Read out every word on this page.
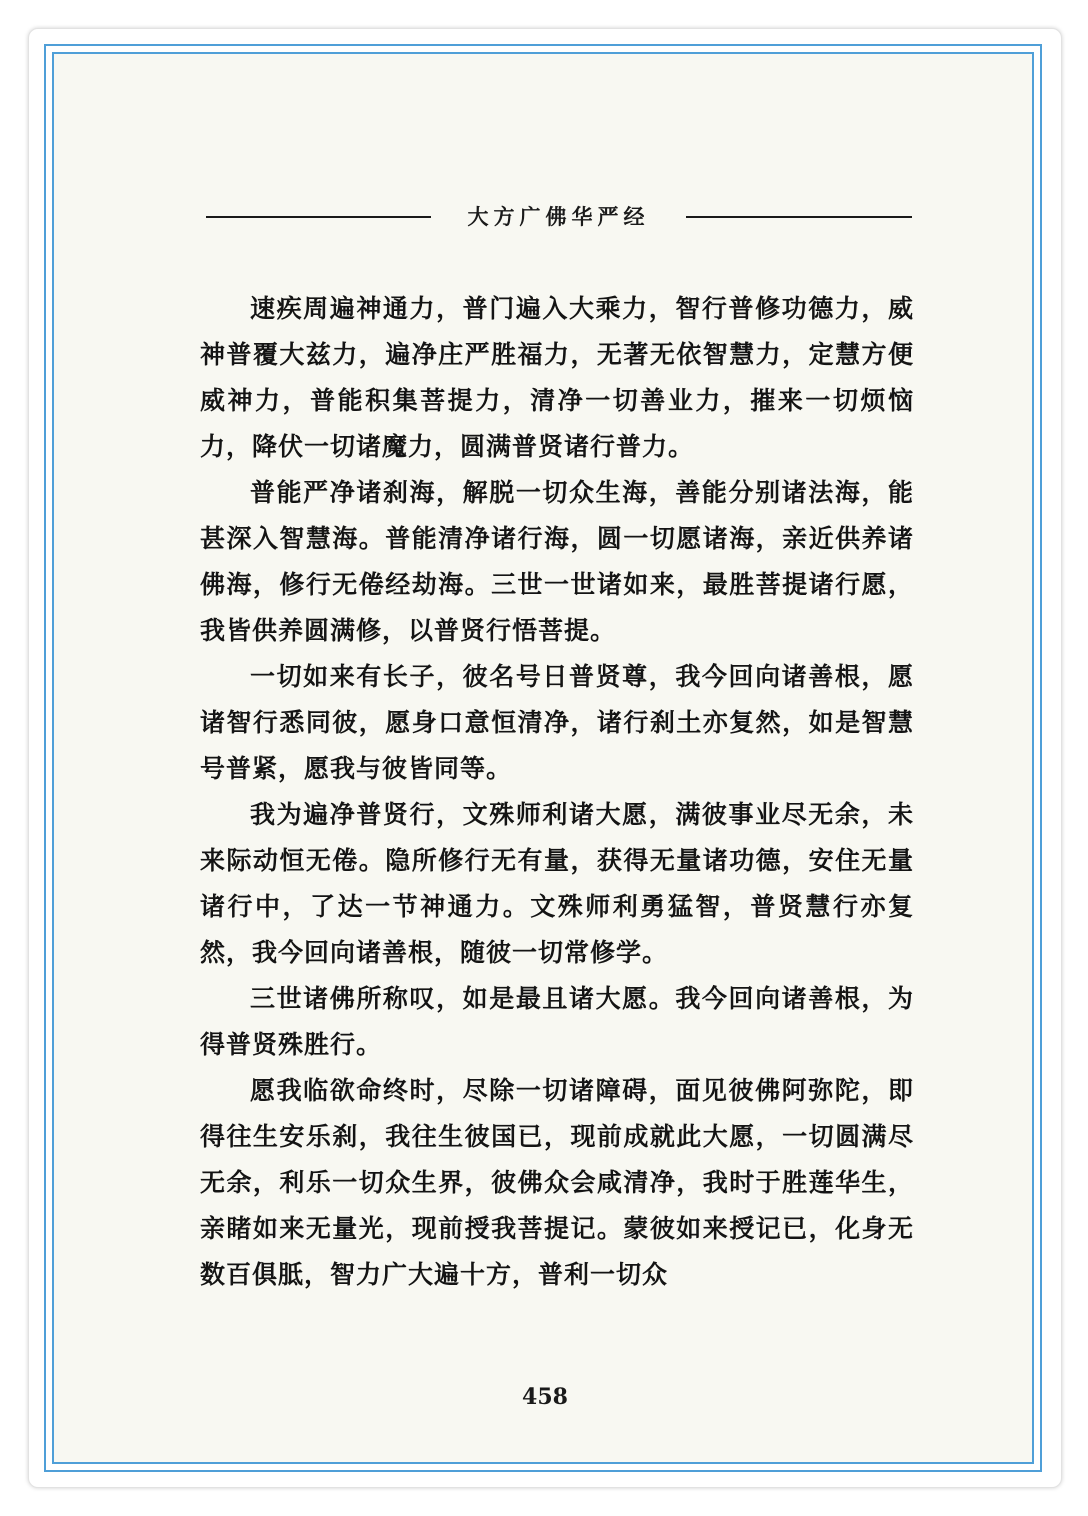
大方广佛华严经

速疾周遍神通力，普门遍入大乘力，智行普修功德力，威神普覆大兹力，遍净庄严胜福力，无著无依智慧力，定慧方便威神力，普能积集菩提力，清净一切善业力，摧来一切烦恼力，降伏一切诸魔力，圆满普贤诸行普力。

普能严净诸刹海，解脱一切众生海，善能分别诸法海，能甚深入智慧海。普能清净诸行海，圆一切愿诸海，亲近供养诸佛海，修行无倦经劫海。三世一世诸如来，最胜菩提诸行愿，我皆供养圆满修，以普贤行悟菩提。

一切如来有长子，彼名号日普贤尊，我今回向诸善根，愿诸智行悉同彼，愿身口意恒清净，诸行刹土亦复然，如是智慧号普紧，愿我与彼皆同等。

我为遍净普贤行，文殊师利诸大愿，满彼事业尽无余，未来际动恒无倦。隐所修行无有量，获得无量诸功德，安住无量诸行中，了达一节神通力。文殊师利勇猛智，普贤慧行亦复然，我今回向诸善根，随彼一切常修学。

三世诸佛所称叹，如是最且诸大愿。我今回向诸善根，为得普贤殊胜行。

愿我临欲命终时，尽除一切诸障碍，面见彼佛阿弥陀，即得往生安乐刹，我往生彼国已，现前成就此大愿，一切圆满尽无余，利乐一切众生界，彼佛众会咸清净，我时于胜莲华生，亲睹如来无量光，现前授我菩提记。蒙彼如来授记已，化身无数百俱胝，智力广大遍十方，普利一切众

458
